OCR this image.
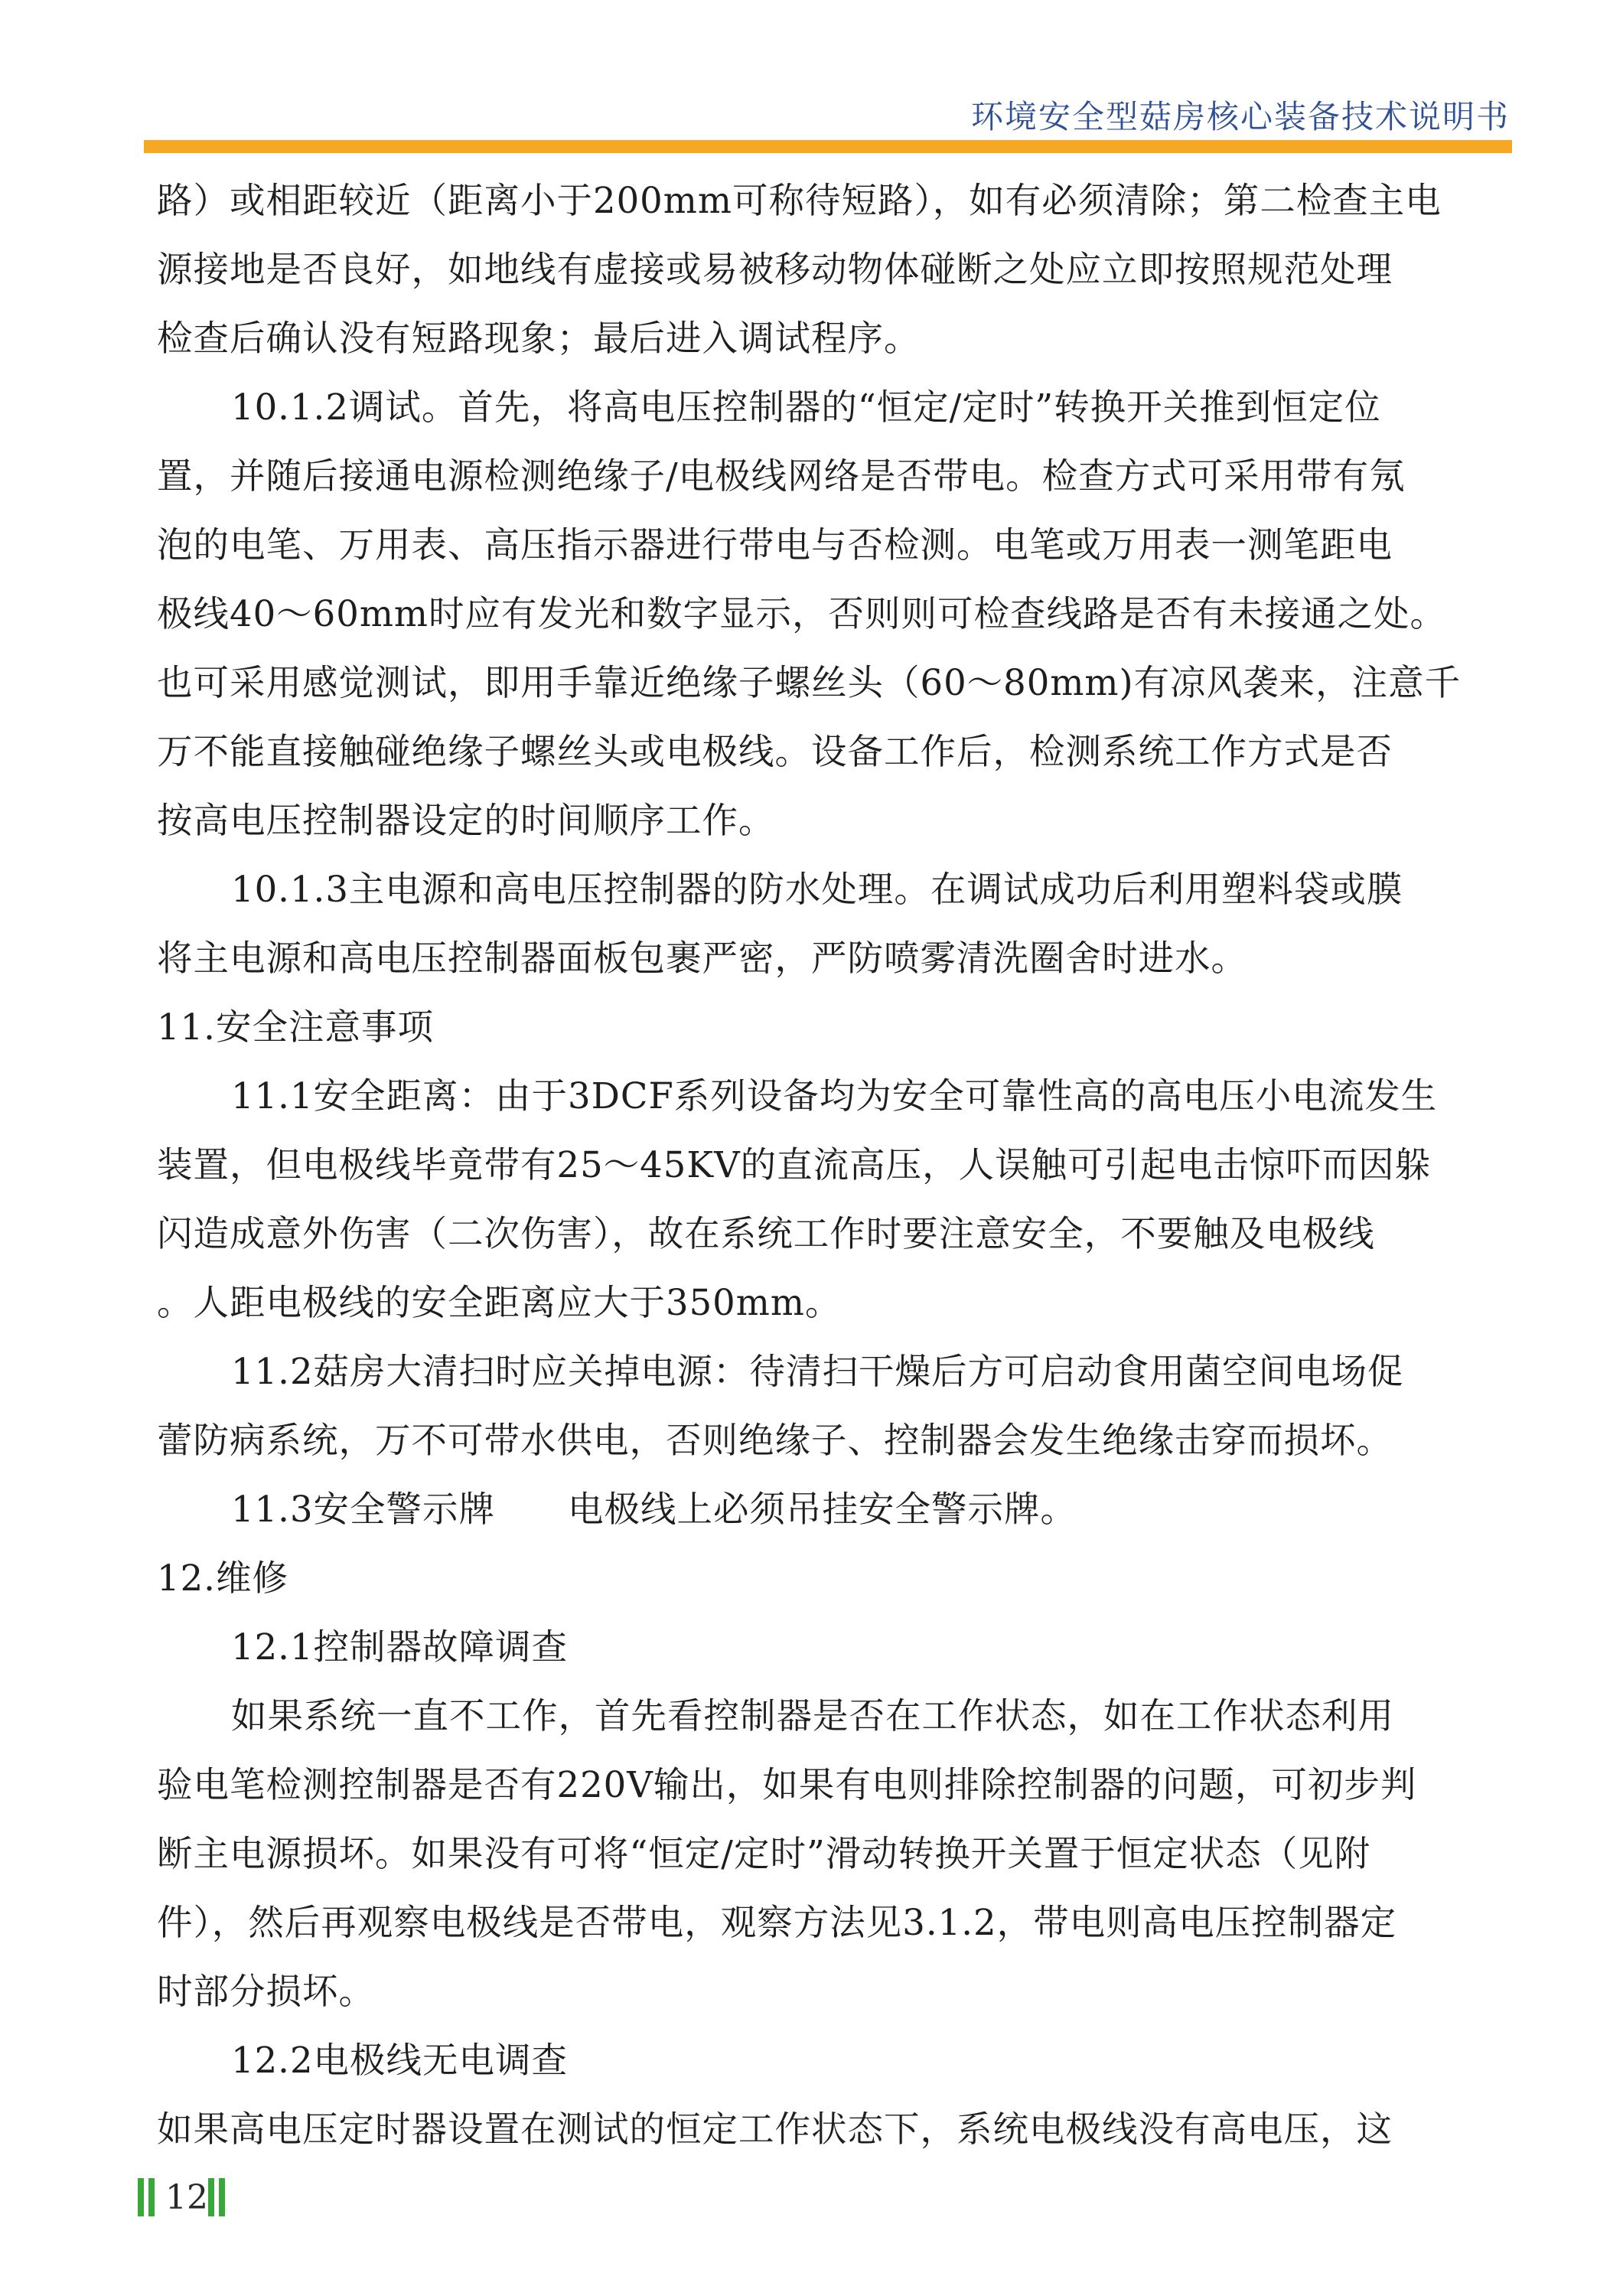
环境安全型菇房核心装备技术说明书
路）或相距较近（距离小于200mm可称待短路），如有必须清除；第二检查主电
源接地是否良好，如地线有虚接或易被移动物体碰断之处应立即按照规范处理
检查后确认没有短路现象；最后进入调试程序。
10.1.2调试。首先，将高电压控制器的“恒定/定时”转换开关推到恒定位
置，并随后接通电源检测绝缘子/电极线网络是否带电。检查方式可采用带有氖
泡的电笔、万用表、高压指示器进行带电与否检测。电笔或万用表一测笔距电
极线40～60mm时应有发光和数字显示，否则则可检查线路是否有未接通之处。
也可采用感觉测试，即用手靠近绝缘子螺丝头（60～80mm)有凉风袭来，注意千
万不能直接触碰绝缘子螺丝头或电极线。设备工作后，检测系统工作方式是否
按高电压控制器设定的时间顺序工作。
10.1.3主电源和高电压控制器的防水处理。在调试成功后利用塑料袋或膜
将主电源和高电压控制器面板包裹严密，严防喷雾清洗圈舍时进水。
11.安全注意事项
11.1安全距离：由于3DCF系列设备均为安全可靠性高的高电压小电流发生
装置，但电极线毕竟带有25～45KV的直流高压，人误触可引起电击惊吓而因躲
闪造成意外伤害（二次伤害），故在系统工作时要注意安全，不要触及电极线
。人距电极线的安全距离应大于350mm。
11.2菇房大清扫时应关掉电源：待清扫干燥后方可启动食用菌空间电场促
蕾防病系统，万不可带水供电，否则绝缘子、控制器会发生绝缘击穿而损坏。
11.3安全警示牌　　电极线上必须吊挂安全警示牌。
12.维修
12.1控制器故障调查
如果系统一直不工作，首先看控制器是否在工作状态，如在工作状态利用
验电笔检测控制器是否有220V输出，如果有电则排除控制器的问题，可初步判
断主电源损坏。如果没有可将“恒定/定时”滑动转换开关置于恒定状态（见附
件），然后再观察电极线是否带电，观察方法见3.1.2，带电则高电压控制器定
时部分损坏。
12.2电极线无电调查
如果高电压定时器设置在测试的恒定工作状态下，系统电极线没有高电压，这
12
